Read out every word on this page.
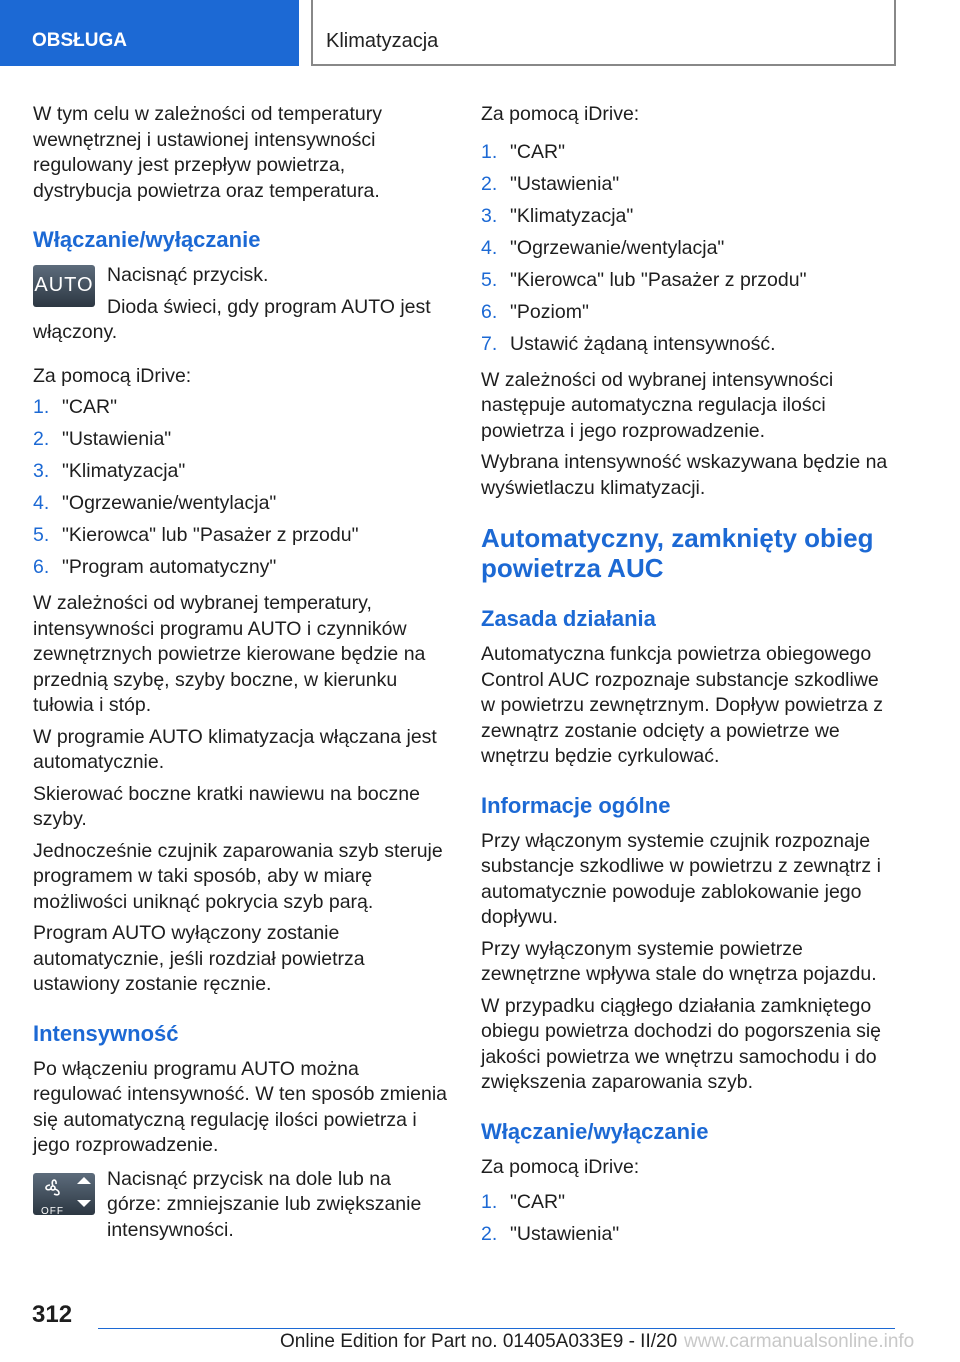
OBSŁUGA	Klimatyzacja

W tym celu w zależności od temperatury wewnętrznej i ustawionej intensywności regulowany jest przepływ powietrza, dystrybucja powietrza oraz temperatura.

Włączanie/wyłączanie
AUTO Nacisnąć przycisk.

Dioda świeci, gdy program AUTO jest włączony.

Za pomocą iDrive:

1. "CAR"
2. "Ustawienia"
3. "Klimatyzacja"
4. "Ogrzewanie/wentylacja"
5. "Kierowca" lub "Pasażer z przodu"
6. "Program automatyczny"

W zależności od wybranej temperatury, intensywności programu AUTO i czynników zewnętrznych powietrze kierowane będzie na przednią szybę, szyby boczne, w kierunku tułowia i stóp.

W programie AUTO klimatyzacja włączana jest automatycznie.

Skierować boczne kratki nawiewu na boczne szyby.

Jednocześnie czujnik zaparowania szyb steruje programem w taki sposób, aby w miarę możliwości uniknąć pokrycia szyb parą.

Program AUTO wyłączony zostanie automatycznie, jeśli rozdział powietrza ustawiony zostanie ręcznie.

Intensywność

Po włączeniu programu AUTO można regulować intensywność. W ten sposób zmienia się automatyczną regulację ilości powietrza i jego rozprowadzenie.

OFF

Nacisnąć przycisk na dole lub na górze: zmniejszanie lub zwiększanie intensywności.

Za pomocą iDrive:

1. "CAR"
2. "Ustawienia"
3. "Klimatyzacja"
4. "Ogrzewanie/wentylacja"
5. "Kierowca" lub "Pasażer z przodu"
6. "Poziom"
7. Ustawić żądaną intensywność.

W zależności od wybranej intensywności następuje automatyczna regulacja ilości powietrza i jego rozprowadzenie.

Wybrana intensywność wskazywana będzie na wyświetlaczu klimatyzacji.

Automatyczny, zamknięty obieg powietrza AUC
Zasada działania

Automatyczna funkcja powietrza obiegowego Control AUC rozpoznaje substancje szkodliwe w powietrzu zewnętrznym. Dopływ powietrza z zewnątrz zostanie odcięty a powietrze we wnętrzu będzie cyrkulować.

Informacje ogólne

Przy włączonym systemie czujnik rozpoznaje substancje szkodliwe w powietrzu z zewnątrz i automatycznie powoduje zablokowanie jego dopływu.

Przy wyłączonym systemie powietrze zewnętrzne wpływa stale do wnętrza pojazdu.

W przypadku ciągłego działania zamkniętego obiegu powietrza dochodzi do pogorszenia się jakości powietrza we wnętrzu samochodu i do zwiększenia zaparowania szyb.

Włączanie/wyłączanie

Za pomocą iDrive:

1. "CAR"
2. "Ustawienia"
312
Online Edition for Part no. 01405A033E9 - II/20 www.carmanualsonline.info
